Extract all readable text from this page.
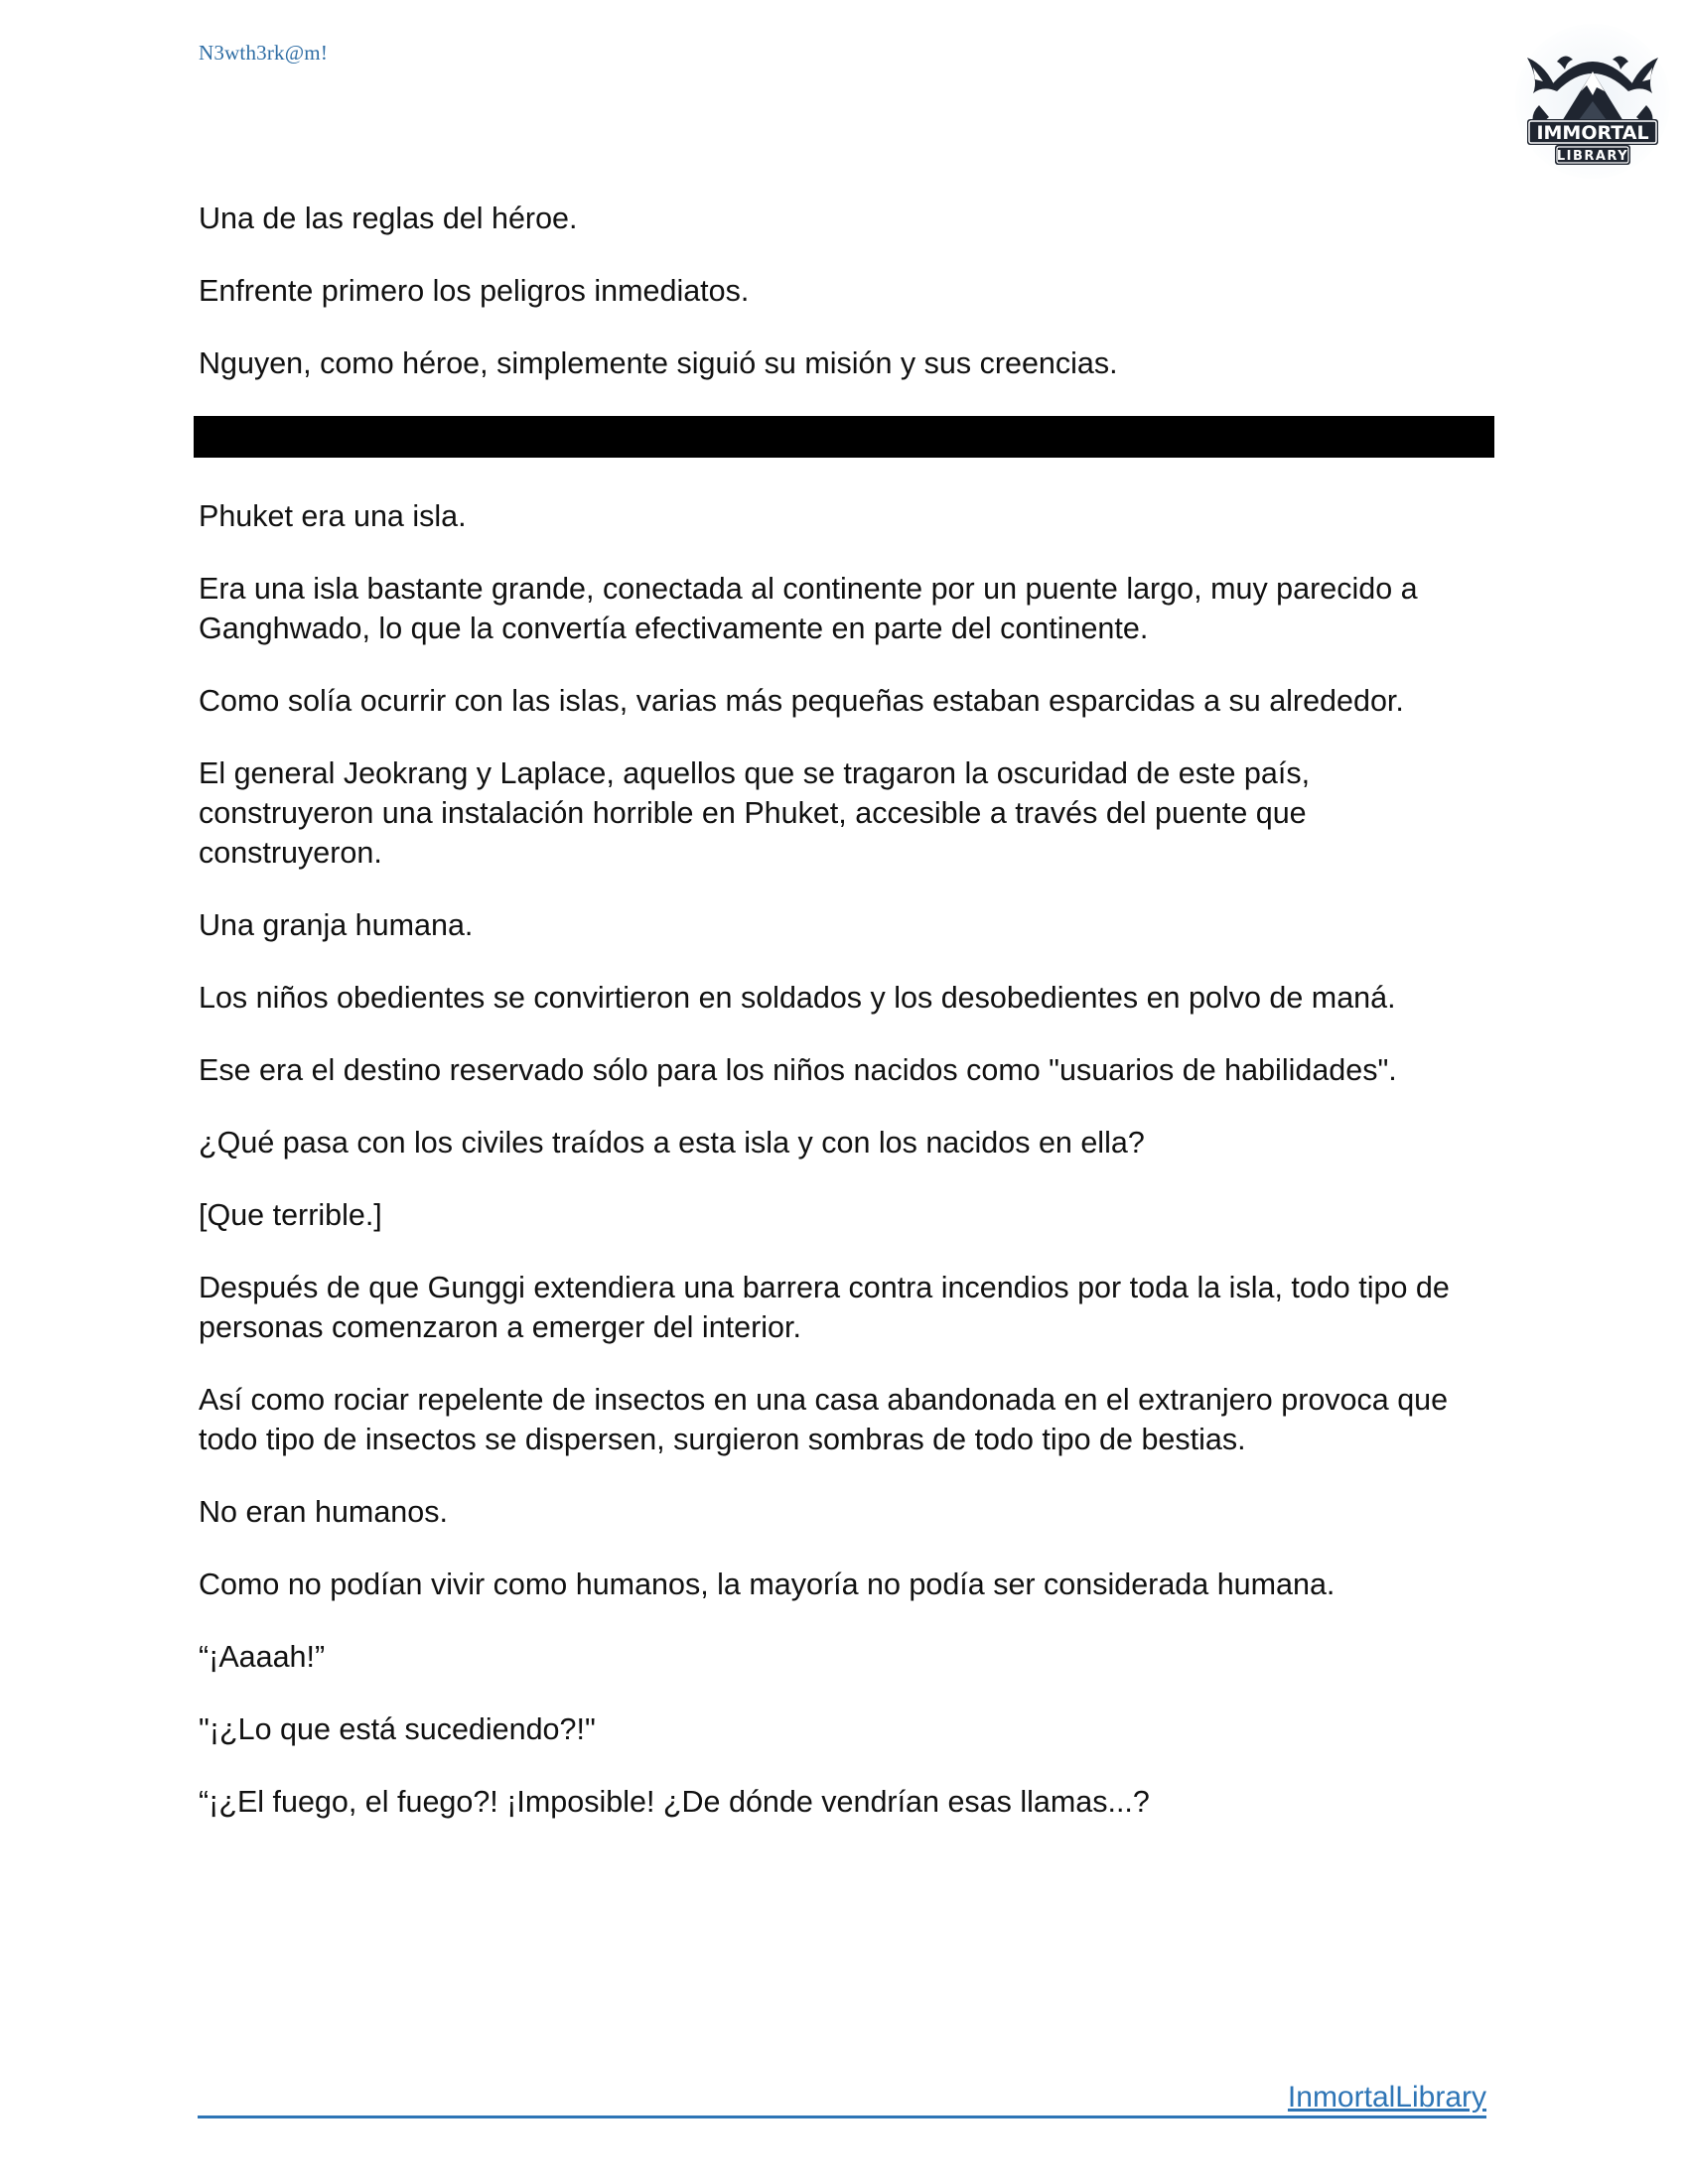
N3wth3rk@m!
IMMORTAL
LIBRARY

Una de las reglas del héroe.

Enfrente primero los peligros inmediatos.

Nguyen, como héroe, simplemente siguió su misión y sus creencias.

Phuket era una isla.

Era una isla bastante grande, conectada al continente por un puente largo, muy parecido a Ganghwado, lo que la convertía efectivamente en parte del continente.

Como solía ocurrir con las islas, varias más pequeñas estaban esparcidas a su alrededor.

El general Jeokrang y Laplace, aquellos que se tragaron la oscuridad de este país, construyeron una instalación horrible en Phuket, accesible a través del puente que construyeron.

Una granja humana.

Los niños obedientes se convirtieron en soldados y los desobedientes en polvo de maná.

Ese era el destino reservado sólo para los niños nacidos como "usuarios de habilidades".

¿Qué pasa con los civiles traídos a esta isla y con los nacidos en ella?

[Que terrible.]

Después de que Gunggi extendiera una barrera contra incendios por toda la isla, todo tipo de personas comenzaron a emerger del interior.

Así como rociar repelente de insectos en una casa abandonada en el extranjero provoca que todo tipo de insectos se dispersen, surgieron sombras de todo tipo de bestias.

No eran humanos.

Como no podían vivir como humanos, la mayoría no podía ser considerada humana.

“¡Aaaah!”

"¡¿Lo que está sucediendo?!"

“¡¿El fuego, el fuego?! ¡Imposible! ¿De dónde vendrían esas llamas...?

InmortalLibrary
